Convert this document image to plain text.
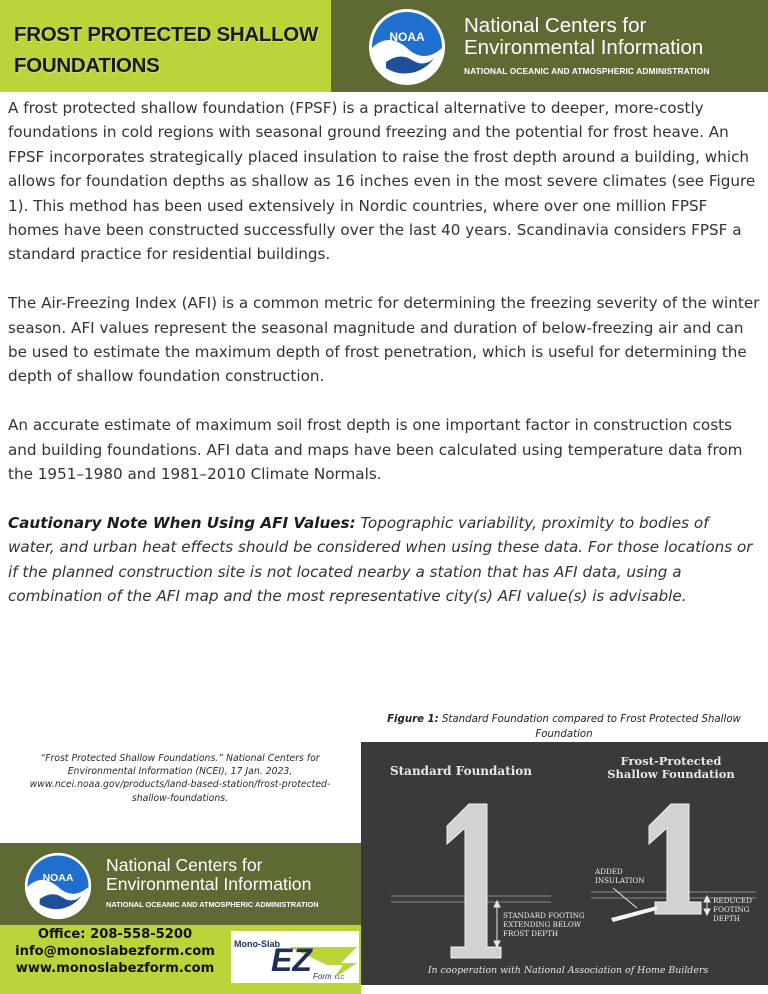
FROST PROTECTED SHALLOW
FOUNDATIONS
NOAA National Centers for
Environmental Information
NATIONAL OCEANIC AND ATMOSPHERIC ADMINISTRATION

A frost protected shallow foundation (FPSF) is a practical alternative to deeper, more-costly foundations in cold regions with seasonal ground freezing and the potential for frost heave. An FPSF incorporates strategically placed insulation to raise the frost depth around a building, which allows for foundation depths as shallow as 16 inches even in the most severe climates (see Figure 1). This method has been used extensively in Nordic countries, where over one million FPSF homes have been constructed successfully over the last 40 years. Scandinavia considers FPSF a standard practice for residential buildings.

The Air-Freezing Index (AFI) is a common metric for determining the freezing severity of the winter season. AFI values represent the seasonal magnitude and duration of below-freezing air and can be used to estimate the maximum depth of frost penetration, which is useful for determining the depth of shallow foundation construction.

An accurate estimate of maximum soil frost depth is one important factor in construction costs and building foundations. AFI data and maps have been calculated using temperature data from the 1951–1980 and 1981–2010 Climate Normals.

Cautionary Note When Using AFI Values: Topographic variability, proximity to bodies of water, and urban heat effects should be considered when using these data. For those locations or if the planned construction site is not located nearby a station that has AFI data, using a combination of the AFI map and the most representative city(s) AFI value(s) is advisable.

Figure 1: Standard Foundation compared to Frost Protected Shallow Foundation
Standard Foundation
Frost-Protected
Shallow Foundation
STANDARD FOOTING
EXTENDING BELOW
FROST DEPTH
ADDED
INSULATION
REDUCED
FOOTING
DEPTH
In cooperation with National Association of Home Builders
“Frost Protected Shallow Foundations.” National Centers for Environmental Information (NCEI), 17 Jan. 2023, www.ncei.noaa.gov/products/land-based-station/frost-protected-shallow-foundations.
NOAA
National Centers for
Environmental Information
NATIONAL OCEANIC AND ATMOSPHERIC ADMINISTRATION
Office: 208-558-5200
info@monoslabezform.com
www.monoslabezform.com
Mono-Slab
EZ Form LLC
